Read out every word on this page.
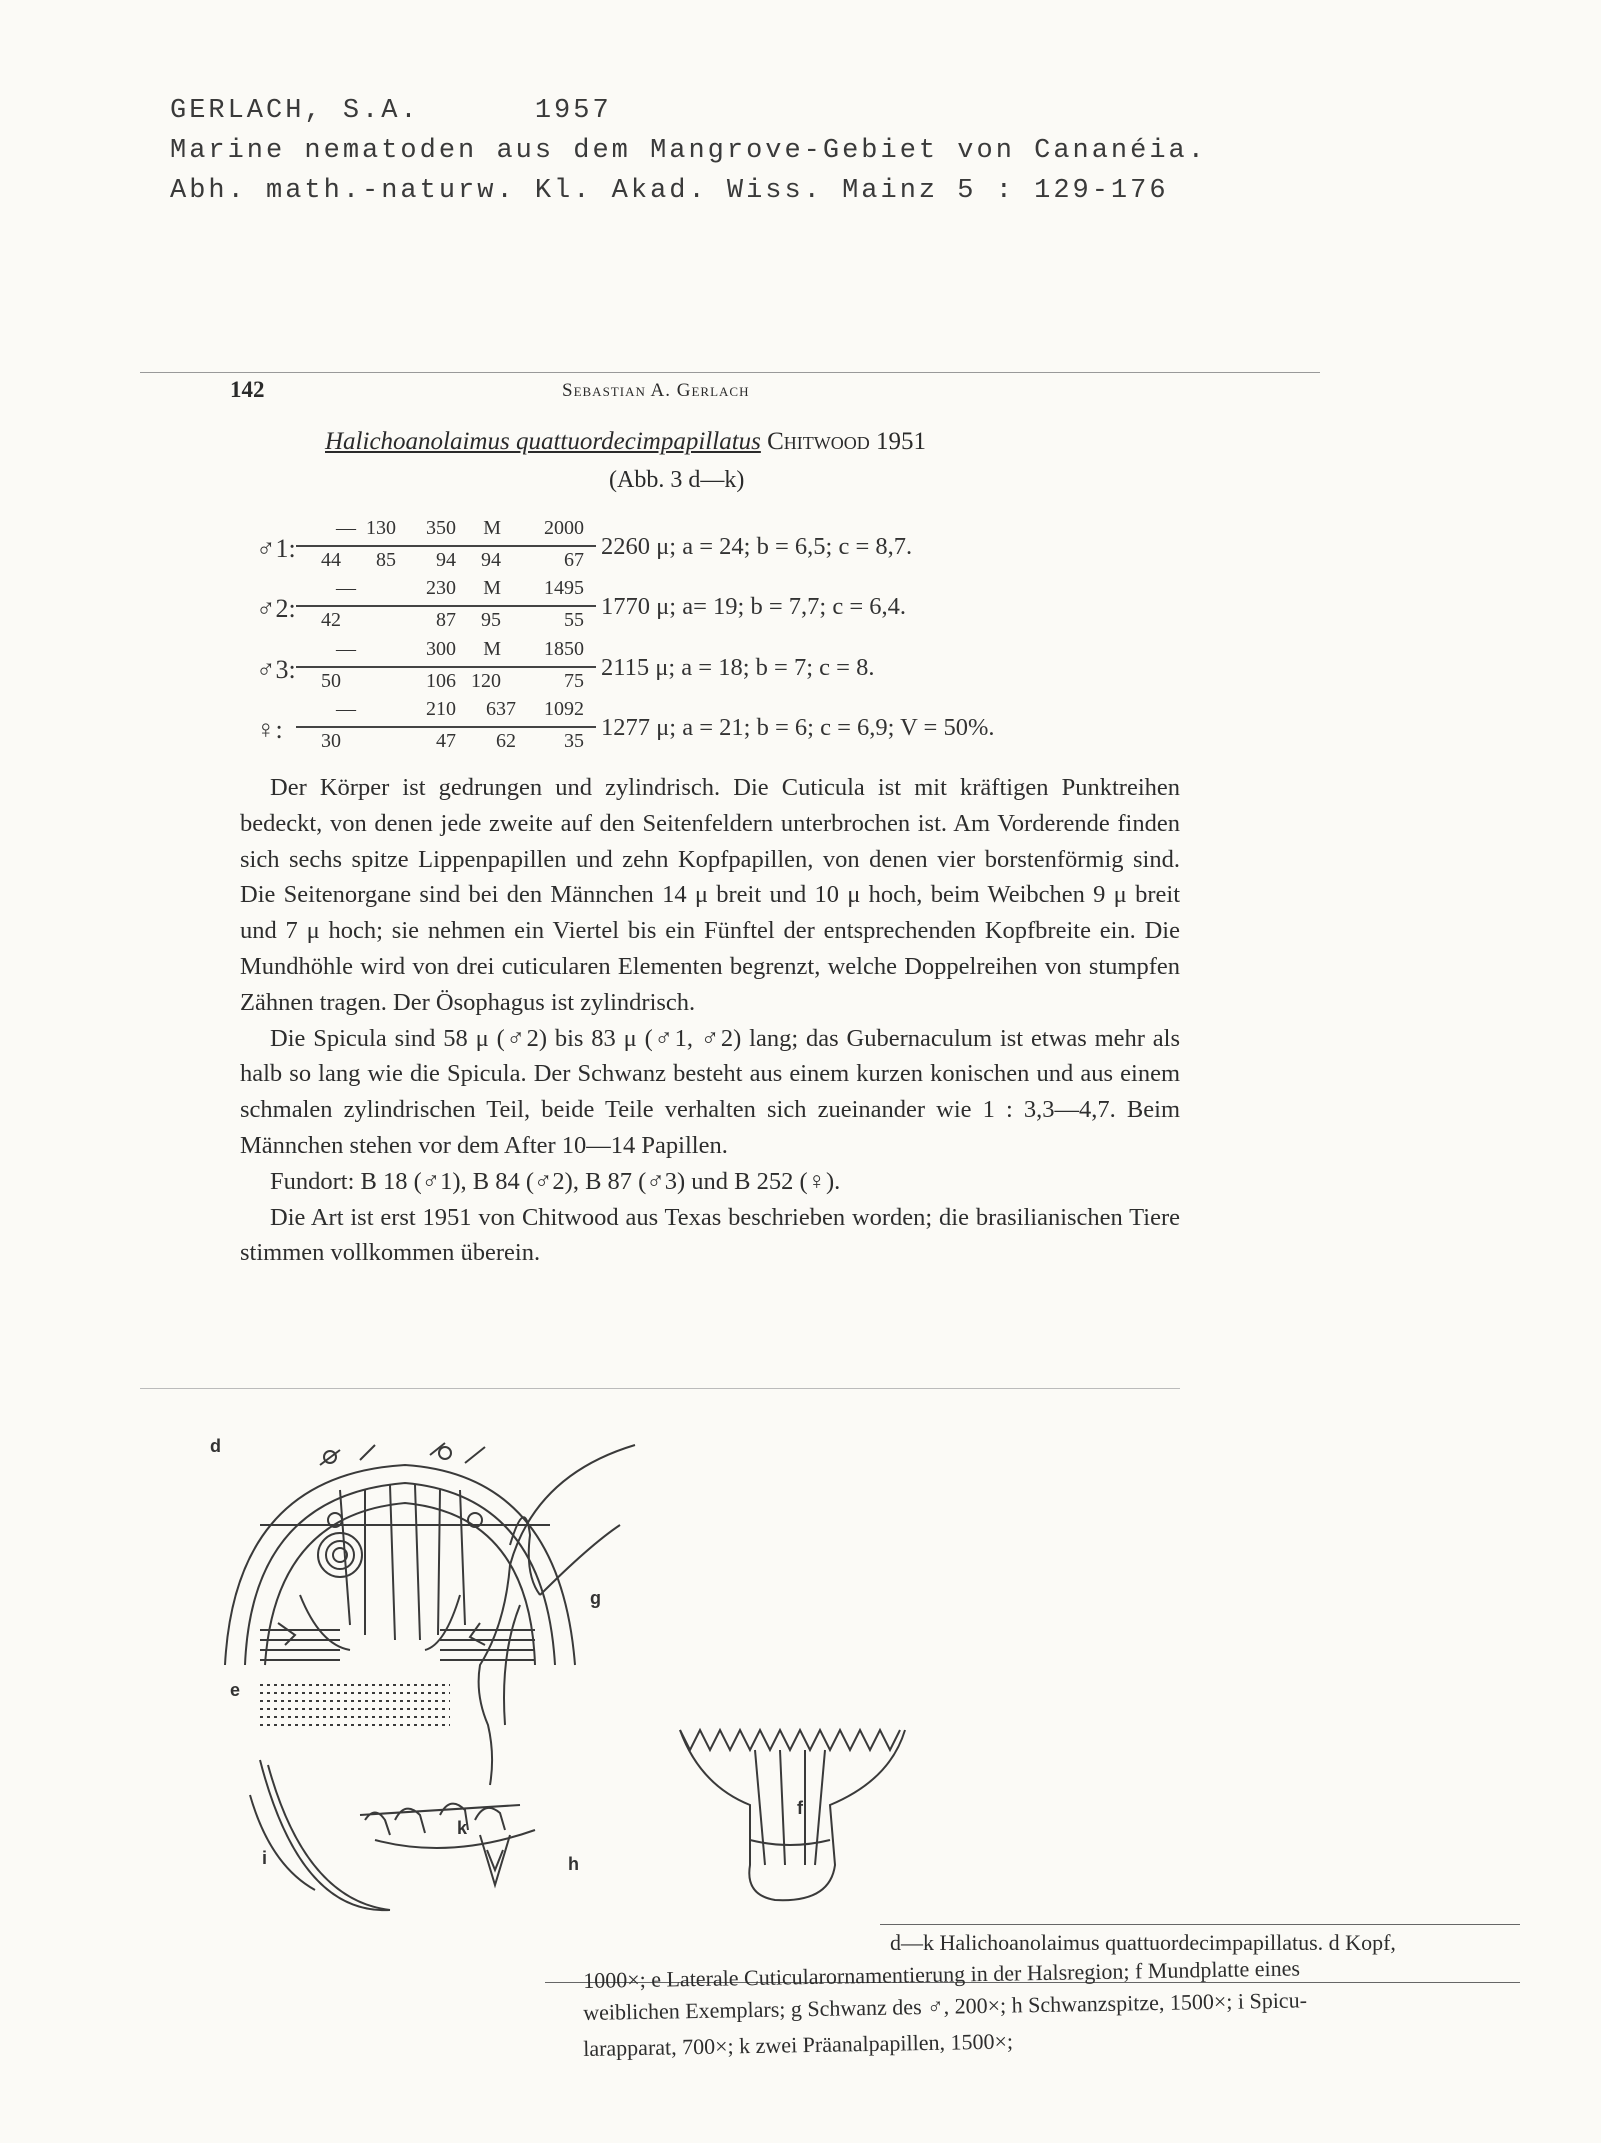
GERLACH, S.A.	1957
Marine nematoden aus dem Mangrove-Gebiet von Cananéia.
Abh. math.-naturw. Kl. Akad. Wiss. Mainz 5 : 129-176
142	Sebastian A. Gerlach
Halichoanolaimus quattuordecimpapillatus Chitwood 1951
(Abb. 3 d—k)
♂1:
— 130	350	M	2000
44	85	94	94	67 2260 μ; a = 24; b = 6,5; c = 8,7.
♂2:
—	230	M	1495
42	87	95	55 1770 μ; a= 19; b = 7,7; c = 6,4.
♂3:
—	300	M	1850
50	106 120	75 2115 μ; a = 18; b = 7; c = 8.
♀:
—	210	637	1092
30	47	62	35 1277 μ; a = 21; b = 6; c = 6,9; V = 50%.

Der Körper ist gedrungen und zylindrisch. Die Cuticula ist mit kräftigen Punktreihen bedeckt, von denen jede zweite auf den Seitenfeldern unterbrochen ist. Am Vorderende finden sich sechs spitze Lippenpapillen und zehn Kopfpapillen, von denen vier borstenförmig sind. Die Seitenorgane sind bei den Männchen 14 μ breit und 10 μ hoch, beim Weibchen 9 μ breit und 7 μ hoch; sie nehmen ein Viertel bis ein Fünftel der entsprechenden Kopfbreite ein. Die Mundhöhle wird von drei cuticularen Elementen begrenzt, welche Doppelreihen von stumpfen Zähnen tragen. Der Ösophagus ist zylindrisch.

Die Spicula sind 58 μ (♂2) bis 83 μ (♂1, ♂2) lang; das Gubernaculum ist etwas mehr als halb so lang wie die Spicula. Der Schwanz besteht aus einem kurzen konischen und aus einem schmalen zylindrischen Teil, beide Teile verhalten sich zueinander wie 1 : 3,3—4,7. Beim Männchen stehen vor dem After 10—14 Papillen.

Fundort: B 18 (♂1), B 84 (♂2), B 87 (♂3) und B 252 (♀).

Die Art ist erst 1951 von Chitwood aus Texas beschrieben worden; die brasilianischen Tiere stimmen vollkommen überein.

d
e
g
f
k
i	h
d—k Halichoanolaimus quattuordecimpapillatus. d Kopf,
1000×; e Laterale Cuticularornamentierung in der Halsregion; f Mundplatte eines
weiblichen Exemplars; g Schwanz des ♂, 200×; h Schwanzspitze, 1500×; i Spicu-
larapparat, 700×; k zwei Präanalpapillen, 1500×;
